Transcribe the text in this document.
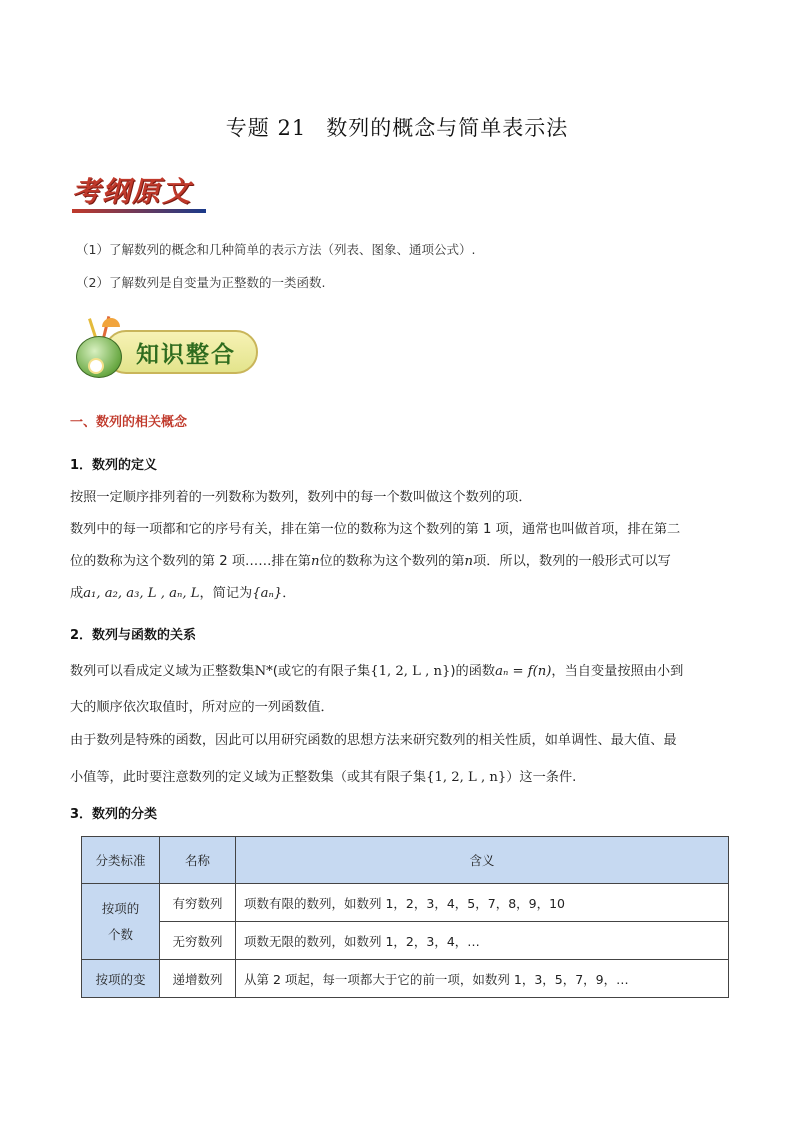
专题 21 数列的概念与简单表示法
考纲原文
（1）了解数列的概念和几种简单的表示方法（列表、图象、通项公式）.
（2）了解数列是自变量为正整数的一类函数.
知识整合
一、数列的相关概念
1．数列的定义
按照一定顺序排列着的一列数称为数列，数列中的每一个数叫做这个数列的项．
数列中的每一项都和它的序号有关，排在第一位的数称为这个数列的第 1 项，通常也叫做首项，排在第二
位的数称为这个数列的第 2 项……排在第n位的数称为这个数列的第n项．所以，数列的一般形式可以写
成a₁, a₂, a₃, L , aₙ, L，简记为{aₙ}．
2．数列与函数的关系
数列可以看成定义域为正整数集N*(或它的有限子集{1, 2, L , n})的函数aₙ = f(n)，当自变量按照由小到
大的顺序依次取值时，所对应的一列函数值．
由于数列是特殊的函数，因此可以用研究函数的思想方法来研究数列的相关性质，如单调性、最大值、最
小值等，此时要注意数列的定义域为正整数集（或其有限子集{1, 2, L , n}）这一条件.
3．数列的分类
分类标准	名称	含义

按项的
个数	有穷数列	项数有限的数列，如数列 1，2，3，4，5，7，8，9，10
	无穷数列	项数无限的数列，如数列 1，2，3，4，…
按项的变	递增数列	从第 2 项起，每一项都大于它的前一项，如数列 1，3，5，7，9，…
